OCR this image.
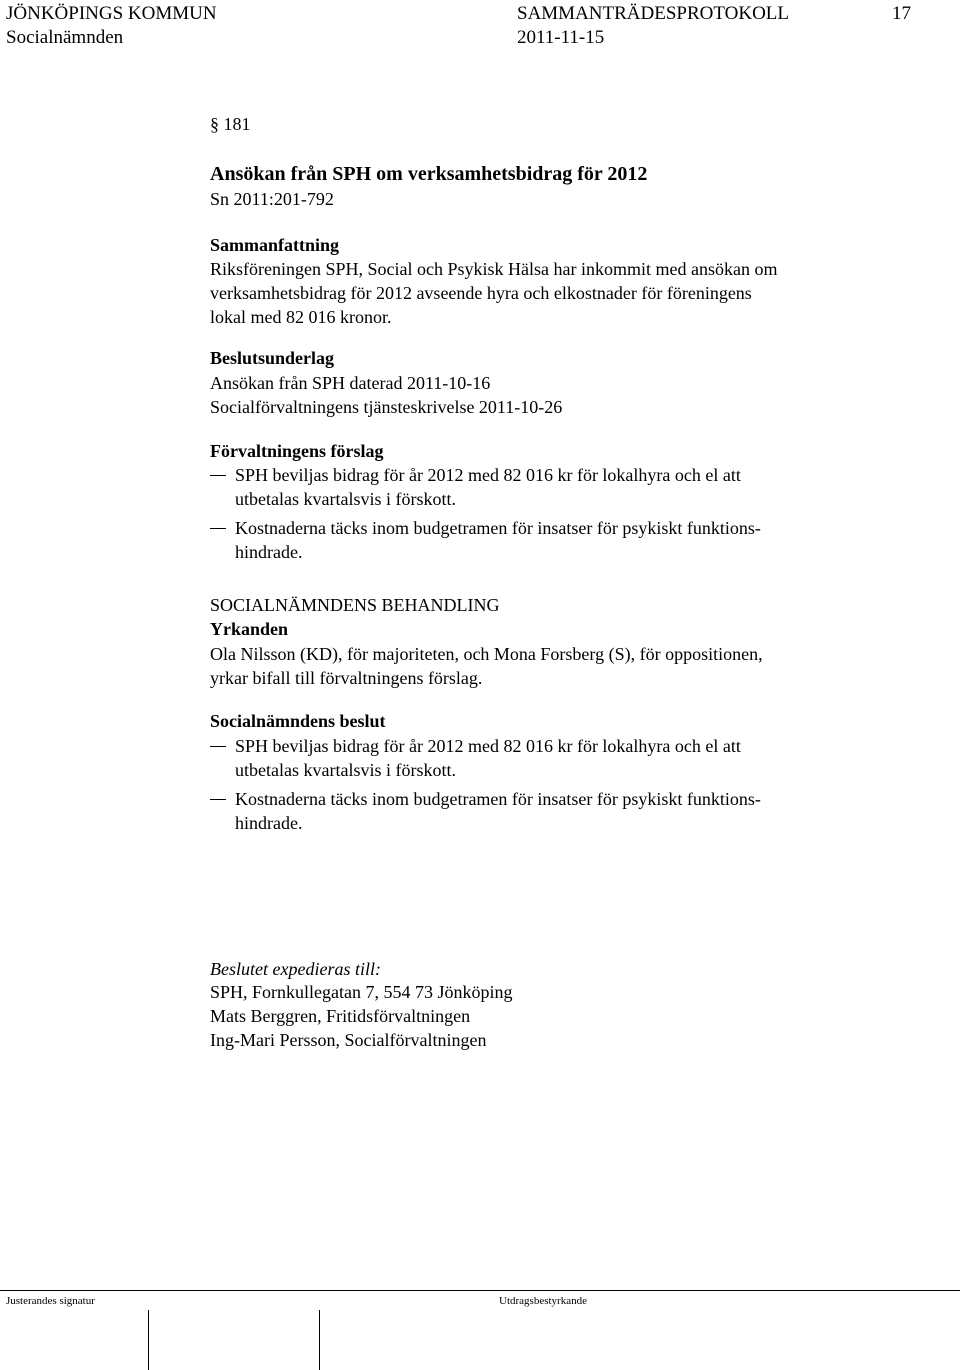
JÖNKÖPINGS KOMMUN
Socialnämnden
SAMMANTRÄDESPROTOKOLL
2011-11-15
17
§ 181
Ansökan från SPH om verksamhetsbidrag för 2012
Sn 2011:201-792
Sammanfattning
Riksföreningen SPH, Social och Psykisk Hälsa har inkommit med ansökan om
verksamhetsbidrag för 2012 avseende hyra och elkostnader för föreningens
lokal med 82 016 kronor.
Beslutsunderlag
Ansökan från SPH daterad 2011-10-16
Socialförvaltningens tjänsteskrivelse 2011-10-26
Förvaltningens förslag
SPH beviljas bidrag för år 2012 med 82 016 kr för lokalhyra och el att
utbetalas kvartalsvis i förskott.
Kostnaderna täcks inom budgetramen för insatser för psykiskt funktions-
hindrade.
SOCIALNÄMNDENS BEHANDLING
Yrkanden
Ola Nilsson (KD), för majoriteten, och Mona Forsberg (S), för oppositionen,
yrkar bifall till förvaltningens förslag.
Socialnämndens beslut
SPH beviljas bidrag för år 2012 med 82 016 kr för lokalhyra och el att
utbetalas kvartalsvis i förskott.
Kostnaderna täcks inom budgetramen för insatser för psykiskt funktions-
hindrade.
Beslutet expedieras till:
SPH, Fornkullegatan 7, 554 73 Jönköping
Mats Berggren, Fritidsförvaltningen
Ing-Mari Persson, Socialförvaltningen
Justerandes signatur	Utdragsbestyrkande
